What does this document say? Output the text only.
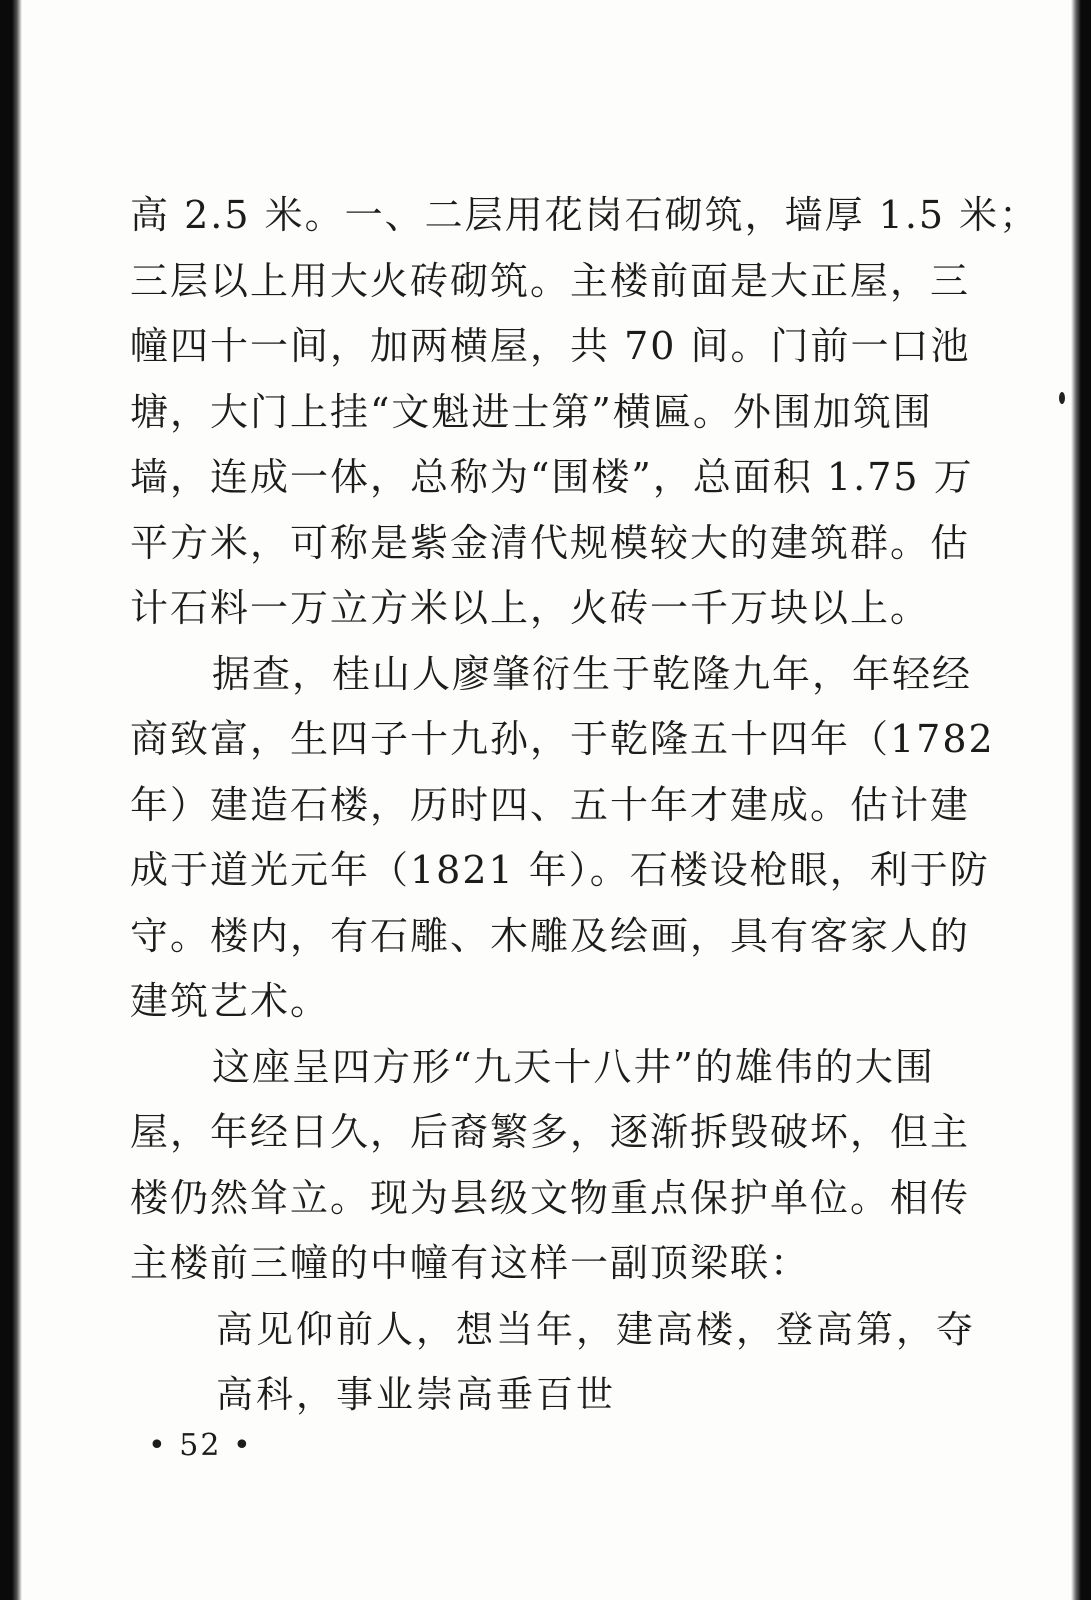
高 2.5 米。一、二层用花岗石砌筑，墙厚 1.5 米；
三层以上用大火砖砌筑。主楼前面是大正屋，三
幢四十一间，加两横屋，共 70 间。门前一口池
塘，大门上挂“文魁进士第”横匾。外围加筑围
墙，连成一体，总称为“围楼”，总面积 1.75 万
平方米，可称是紫金清代规模较大的建筑群。估
计石料一万立方米以上，火砖一千万块以上。
据查，桂山人廖肇衍生于乾隆九年，年轻经
商致富，生四子十九孙，于乾隆五十四年（1782
年）建造石楼，历时四、五十年才建成。估计建
成于道光元年（1821 年）。石楼设枪眼，利于防
守。楼内，有石雕、木雕及绘画，具有客家人的
建筑艺术。
这座呈四方形“九天十八井”的雄伟的大围
屋，年经日久，后裔繁多，逐渐拆毁破坏，但主
楼仍然耸立。现为县级文物重点保护单位。相传
主楼前三幢的中幢有这样一副顶梁联：
高见仰前人，想当年，建高楼，登高第，夺
高科，事业崇高垂百世
• 52 •
